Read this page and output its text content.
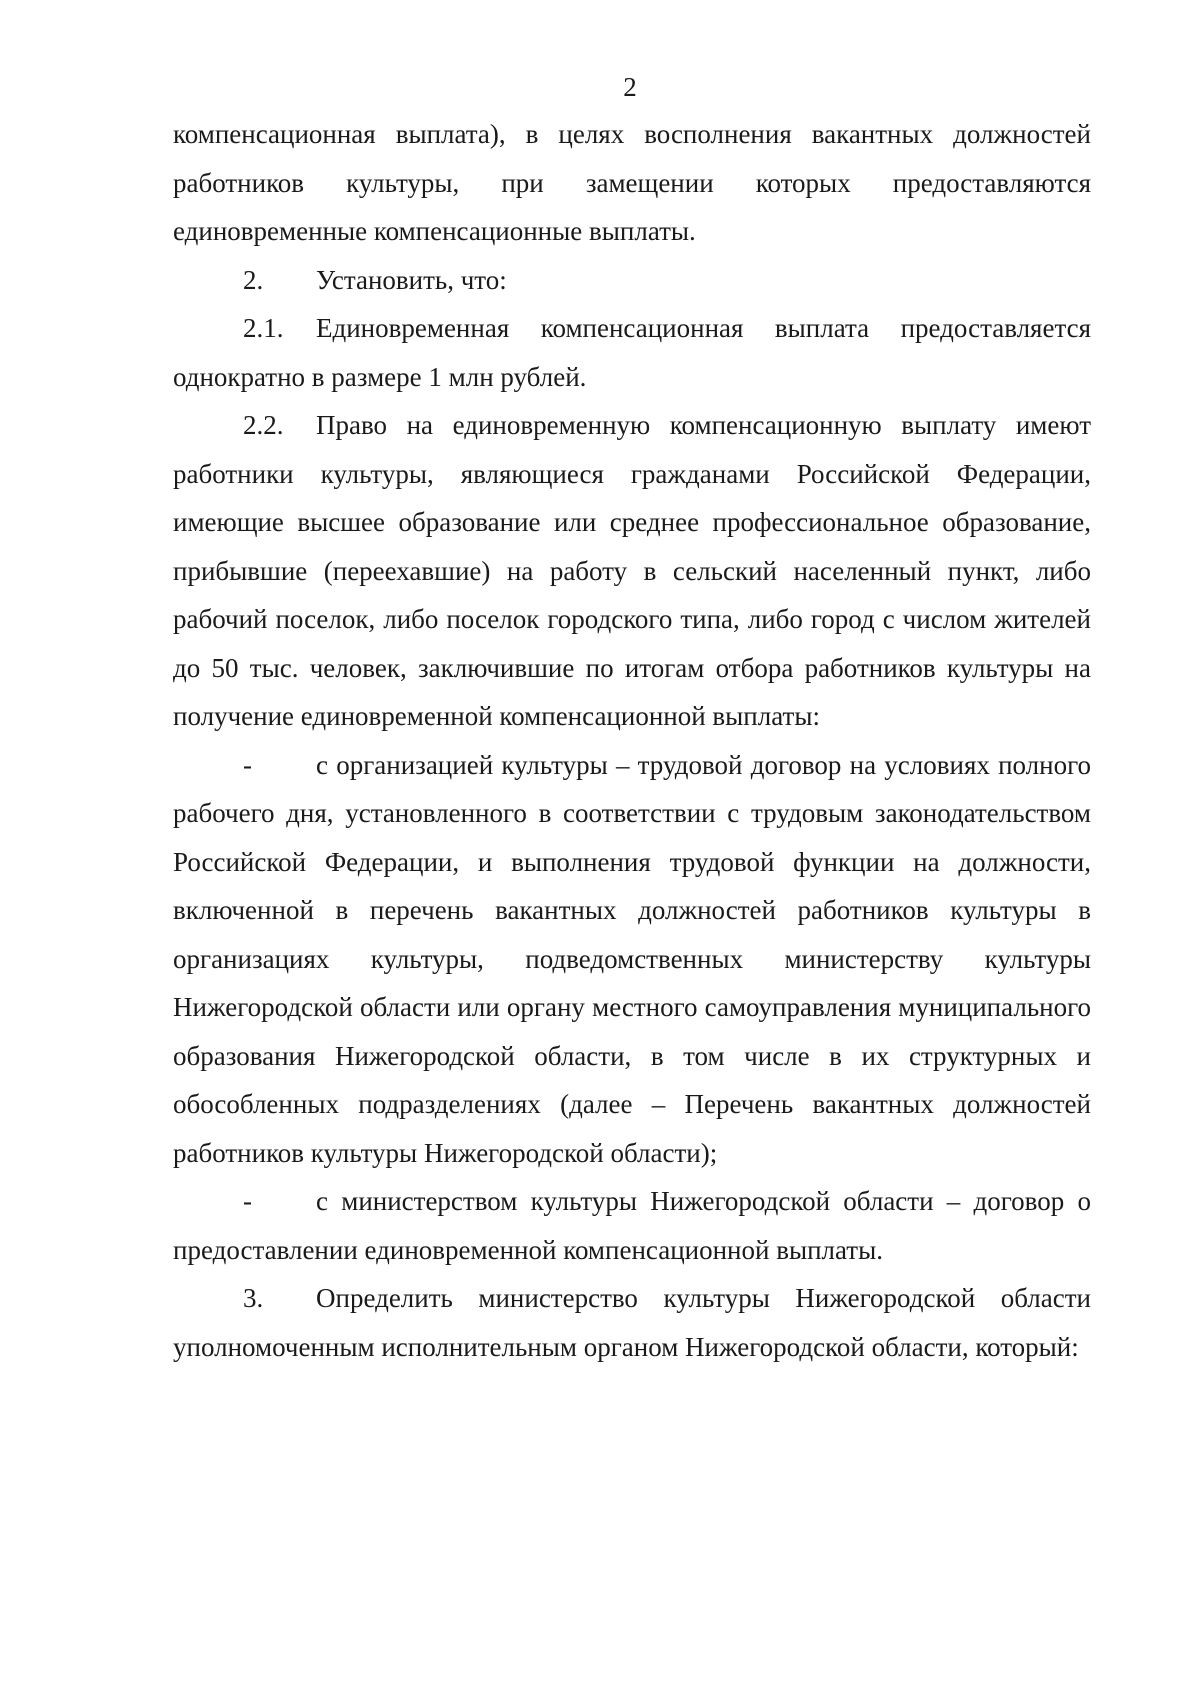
2

компенсационная выплата), в целях восполнения вакантных должностей работников культуры, при замещении которых предоставляются единовременные компенсационные выплаты.

2. Установить, что:

2.1. Единовременная компенсационная выплата предоставляется однократно в размере 1 млн рублей.

2.2. Право на единовременную компенсационную выплату имеют работники культуры, являющиеся гражданами Российской Федерации, имеющие высшее образование или среднее профессиональное образование, прибывшие (переехавшие) на работу в сельский населенный пункт, либо рабочий поселок, либо поселок городского типа, либо город с числом жителей до 50 тыс. человек, заключившие по итогам отбора работников культуры на получение единовременной компенсационной выплаты:

- с организацией культуры – трудовой договор на условиях полного рабочего дня, установленного в соответствии с трудовым законодательством Российской Федерации, и выполнения трудовой функции на должности, включенной в перечень вакантных должностей работников культуры в организациях культуры, подведомственных министерству культуры Нижегородской области или органу местного самоуправления муниципального образования Нижегородской области, в том числе в их структурных и обособленных подразделениях (далее – Перечень вакантных должностей работников культуры Нижегородской области);

- с министерством культуры Нижегородской области – договор о предоставлении единовременной компенсационной выплаты.

3. Определить министерство культуры Нижегородской области уполномоченным исполнительным органом Нижегородской области, который:
